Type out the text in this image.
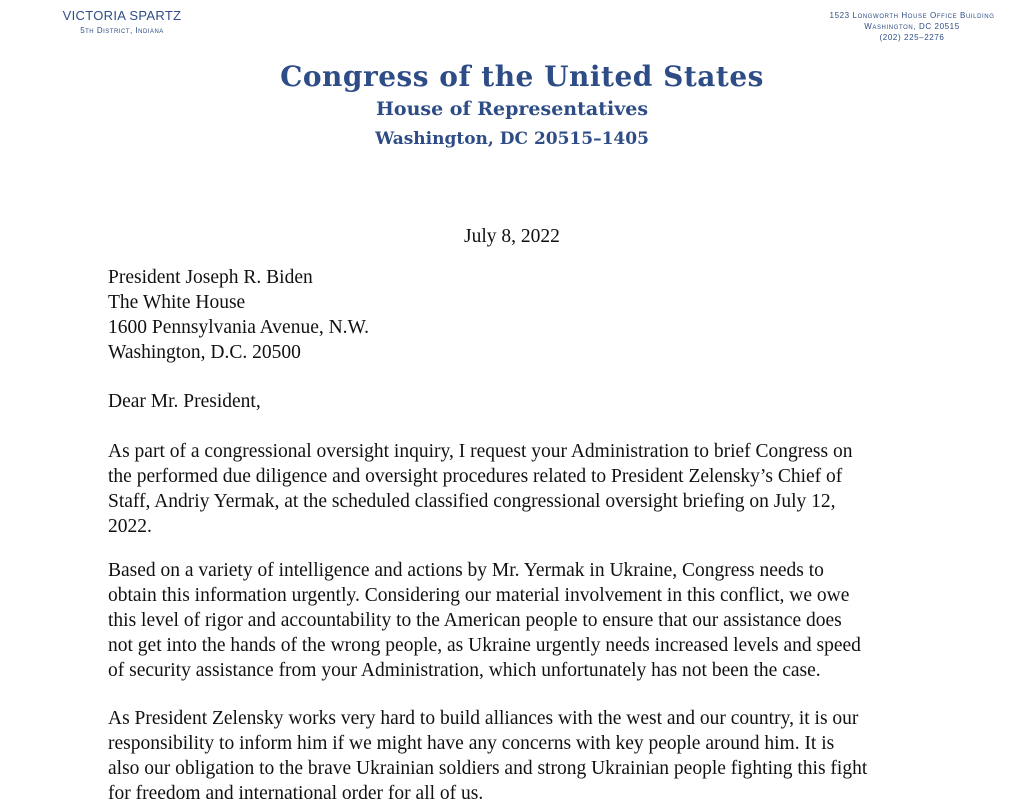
VICTORIA SPARTZ
5th District, Indiana
1523 Longworth House Office Building
Washington, DC 20515
(202) 225–2276
Congress of the United States
House of Representatives
Washington, DC 20515–1405
July 8, 2022
President Joseph R. Biden
The White House
1600 Pennsylvania Avenue, N.W.
Washington, D.C. 20500
Dear Mr. President,
As part of a congressional oversight inquiry, I request your Administration to brief Congress on
the performed due diligence and oversight procedures related to President Zelensky’s Chief of
Staff, Andriy Yermak, at the scheduled classified congressional oversight briefing on July 12,
2022.
Based on a variety of intelligence and actions by Mr. Yermak in Ukraine, Congress needs to
obtain this information urgently. Considering our material involvement in this conflict, we owe
this level of rigor and accountability to the American people to ensure that our assistance does
not get into the hands of the wrong people, as Ukraine urgently needs increased levels and speed
of security assistance from your Administration, which unfortunately has not been the case.
As President Zelensky works very hard to build alliances with the west and our country, it is our
responsibility to inform him if we might have any concerns with key people around him. It is
also our obligation to the brave Ukrainian soldiers and strong Ukrainian people fighting this fight
for freedom and international order for all of us.
